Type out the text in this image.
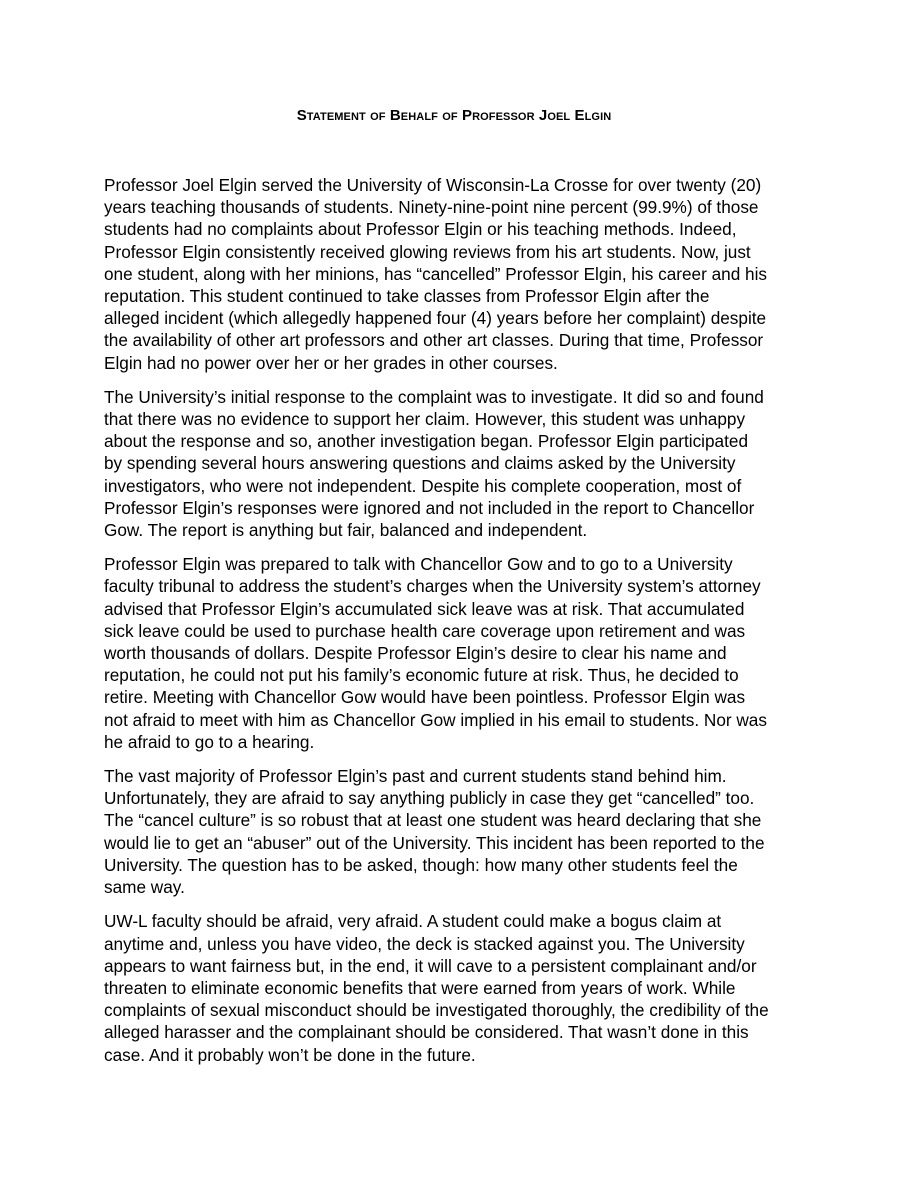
Statement of Behalf of Professor Joel Elgin

Professor Joel Elgin served the University of Wisconsin-La Crosse for over twenty (20)
years teaching thousands of students. Ninety-nine-point nine percent (99.9%) of those
students had no complaints about Professor Elgin or his teaching methods. Indeed,
Professor Elgin consistently received glowing reviews from his art students. Now, just
one student, along with her minions, has “cancelled” Professor Elgin, his career and his
reputation. This student continued to take classes from Professor Elgin after the
alleged incident (which allegedly happened four (4) years before her complaint) despite
the availability of other art professors and other art classes. During that time, Professor
Elgin had no power over her or her grades in other courses.

The University’s initial response to the complaint was to investigate. It did so and found
that there was no evidence to support her claim. However, this student was unhappy
about the response and so, another investigation began. Professor Elgin participated
by spending several hours answering questions and claims asked by the University
investigators, who were not independent. Despite his complete cooperation, most of
Professor Elgin’s responses were ignored and not included in the report to Chancellor
Gow. The report is anything but fair, balanced and independent.

Professor Elgin was prepared to talk with Chancellor Gow and to go to a University
faculty tribunal to address the student’s charges when the University system’s attorney
advised that Professor Elgin’s accumulated sick leave was at risk. That accumulated
sick leave could be used to purchase health care coverage upon retirement and was
worth thousands of dollars. Despite Professor Elgin’s desire to clear his name and
reputation, he could not put his family’s economic future at risk. Thus, he decided to
retire. Meeting with Chancellor Gow would have been pointless. Professor Elgin was
not afraid to meet with him as Chancellor Gow implied in his email to students. Nor was
he afraid to go to a hearing.

The vast majority of Professor Elgin’s past and current students stand behind him.
Unfortunately, they are afraid to say anything publicly in case they get “cancelled” too.
The “cancel culture” is so robust that at least one student was heard declaring that she
would lie to get an “abuser” out of the University. This incident has been reported to the
University. The question has to be asked, though: how many other students feel the
same way.

UW-L faculty should be afraid, very afraid. A student could make a bogus claim at
anytime and, unless you have video, the deck is stacked against you. The University
appears to want fairness but, in the end, it will cave to a persistent complainant and/or
threaten to eliminate economic benefits that were earned from years of work. While
complaints of sexual misconduct should be investigated thoroughly, the credibility of the
alleged harasser and the complainant should be considered. That wasn’t done in this
case. And it probably won’t be done in the future.
